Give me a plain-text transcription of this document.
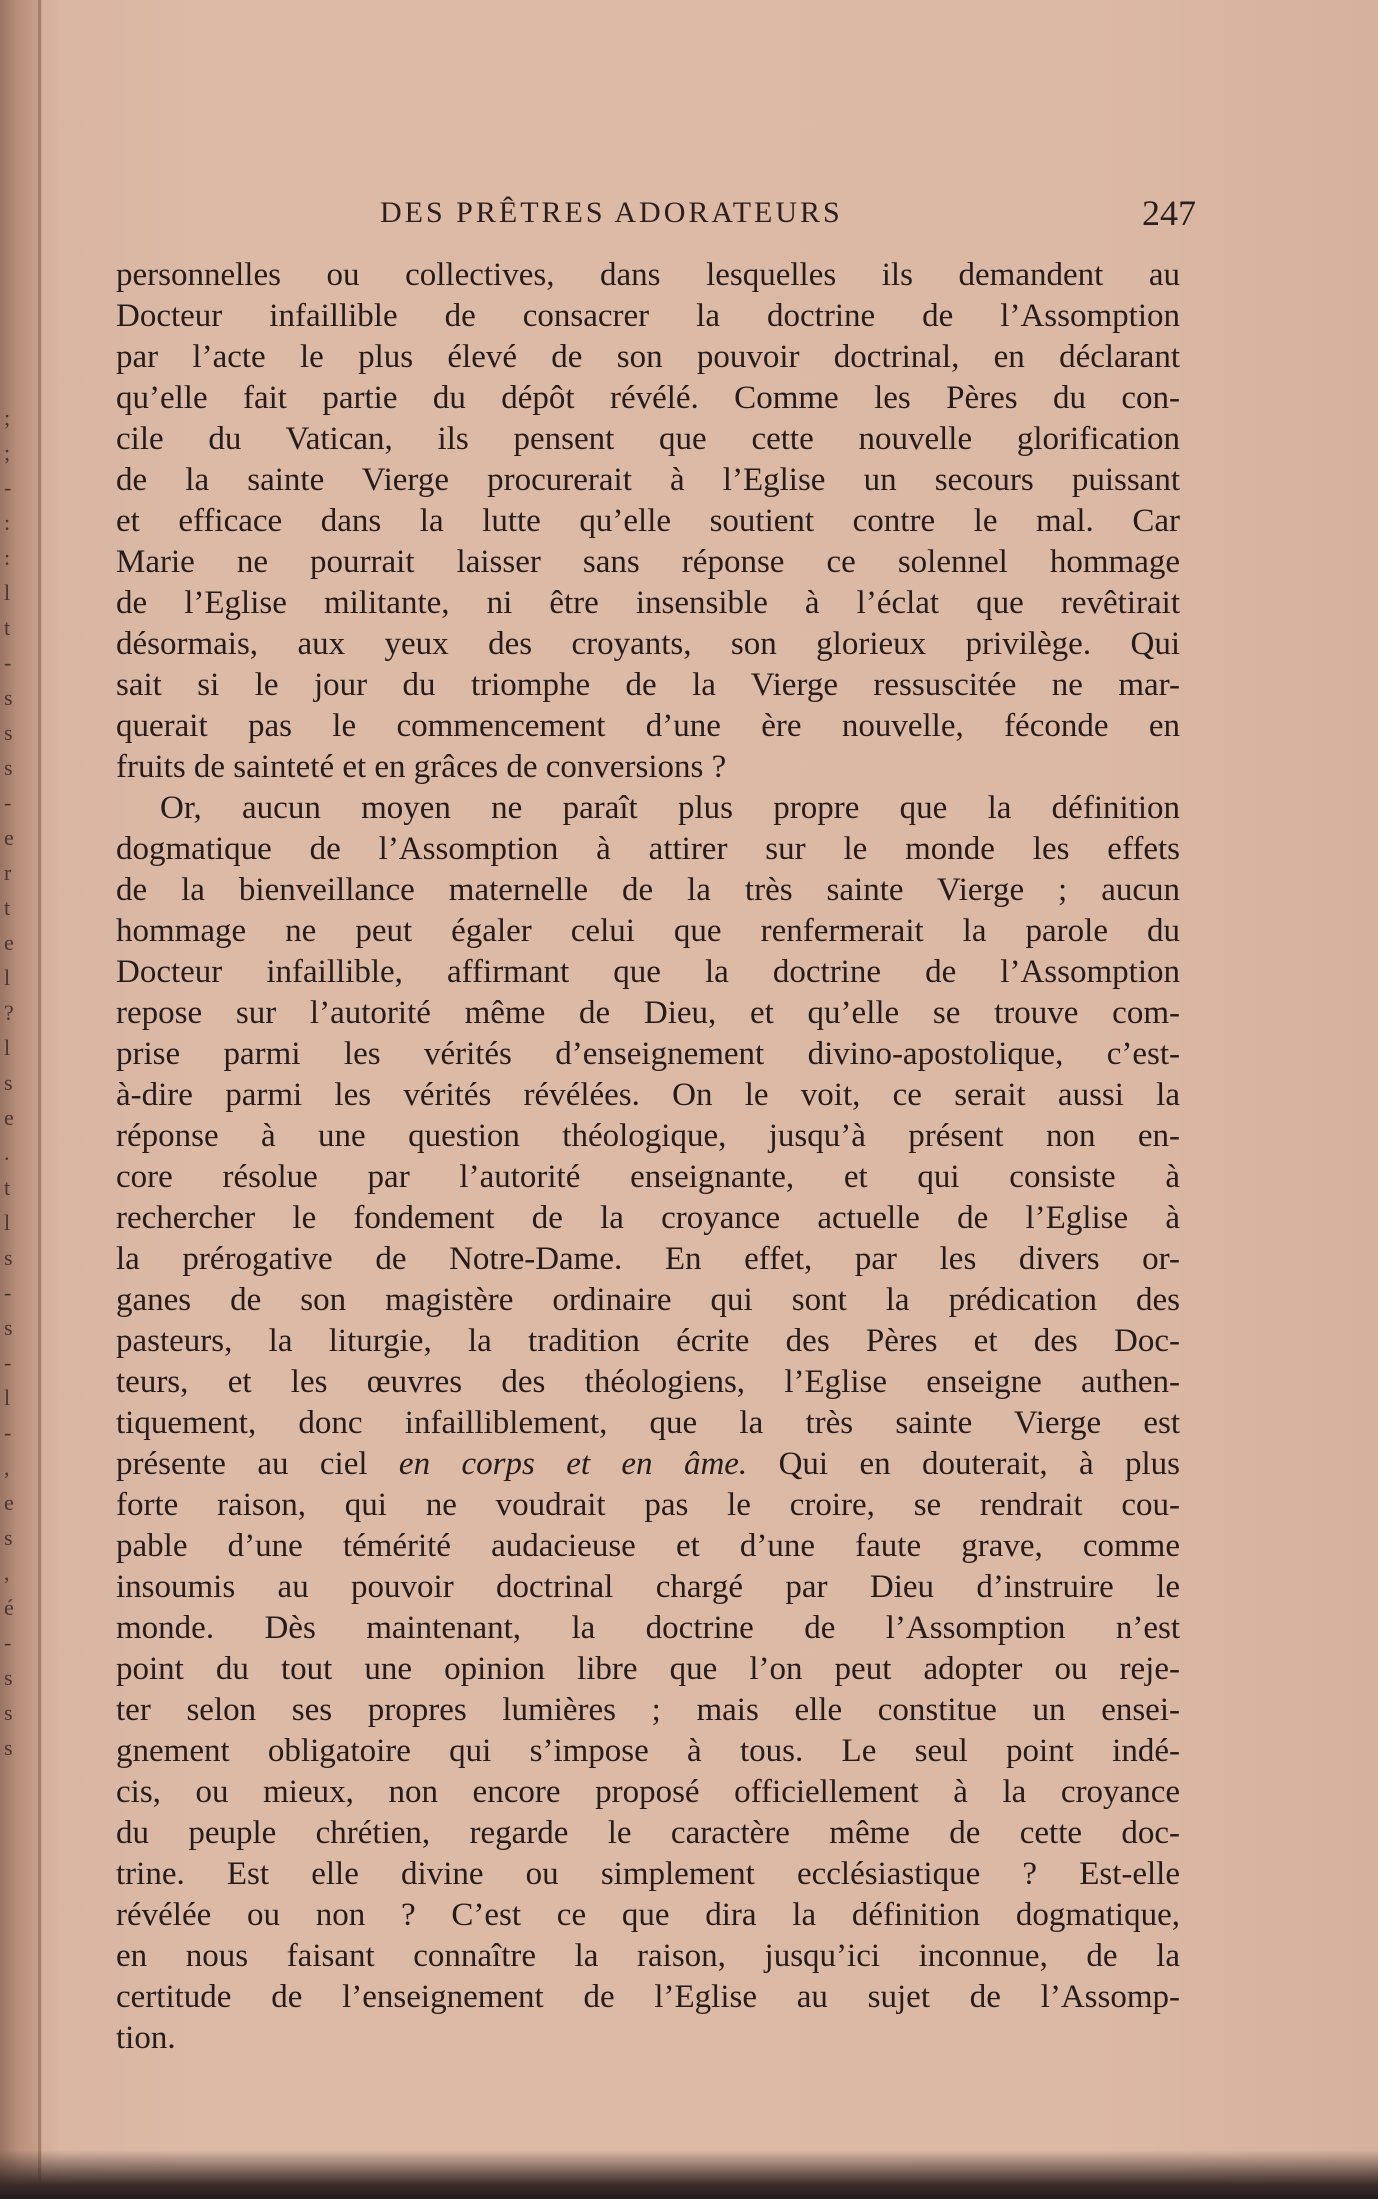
;
;
-
:
:
l
t
-
s
s
s
-
e
r
t
e
l
?
l
s
e
.
t
l
s
-
s
-
l
-
,
e
s
,
é
-
s
s
s
DES PRÊTRES ADORATEURS	247
personnelles ou collectives, dans lesquelles ils demandent au
Docteur infaillible de consacrer la doctrine de l’Assomption
par l’acte le plus élevé de son pouvoir doctrinal, en déclarant
qu’elle fait partie du dépôt révélé. Comme les Pères du con-
cile du Vatican, ils pensent que cette nouvelle glorification
de la sainte Vierge procurerait à l’Eglise un secours puissant
et efficace dans la lutte qu’elle soutient contre le mal. Car
Marie ne pourrait laisser sans réponse ce solennel hommage
de l’Eglise militante, ni être insensible à l’éclat que revêtirait
désormais, aux yeux des croyants, son glorieux privilège. Qui
sait si le jour du triomphe de la Vierge ressuscitée ne mar-
querait pas le commencement d’une ère nouvelle, féconde en
fruits de sainteté et en grâces de conversions ?
Or, aucun moyen ne paraît plus propre que la définition
dogmatique de l’Assomption à attirer sur le monde les effets
de la bienveillance maternelle de la très sainte Vierge ; aucun
hommage ne peut égaler celui que renfermerait la parole du
Docteur infaillible, affirmant que la doctrine de l’Assomption
repose sur l’autorité même de Dieu, et qu’elle se trouve com-
prise parmi les vérités d’enseignement divino-apostolique, c’est-
à-dire parmi les vérités révélées. On le voit, ce serait aussi la
réponse à une question théologique, jusqu’à présent non en-
core résolue par l’autorité enseignante, et qui consiste à
rechercher le fondement de la croyance actuelle de l’Eglise à
la prérogative de Notre-Dame. En effet, par les divers or-
ganes de son magistère ordinaire qui sont la prédication des
pasteurs, la liturgie, la tradition écrite des Pères et des Doc-
teurs, et les œuvres des théologiens, l’Eglise enseigne authen-
tiquement, donc infailliblement, que la très sainte Vierge est
présente au ciel en corps et en âme. Qui en douterait, à plus
forte raison, qui ne voudrait pas le croire, se rendrait cou-
pable d’une témérité audacieuse et d’une faute grave, comme
insoumis au pouvoir doctrinal chargé par Dieu d’instruire le
monde. Dès maintenant, la doctrine de l’Assomption n’est
point du tout une opinion libre que l’on peut adopter ou reje-
ter selon ses propres lumières ; mais elle constitue un ensei-
gnement obligatoire qui s’impose à tous. Le seul point indé-
cis, ou mieux, non encore proposé officiellement à la croyance
du peuple chrétien, regarde le caractère même de cette doc-
trine. Est elle divine ou simplement ecclésiastique ? Est-elle
révélée ou non ? C’est ce que dira la définition dogmatique,
en nous faisant connaître la raison, jusqu’ici inconnue, de la
certitude de l’enseignement de l’Eglise au sujet de l’Assomp-
tion.
